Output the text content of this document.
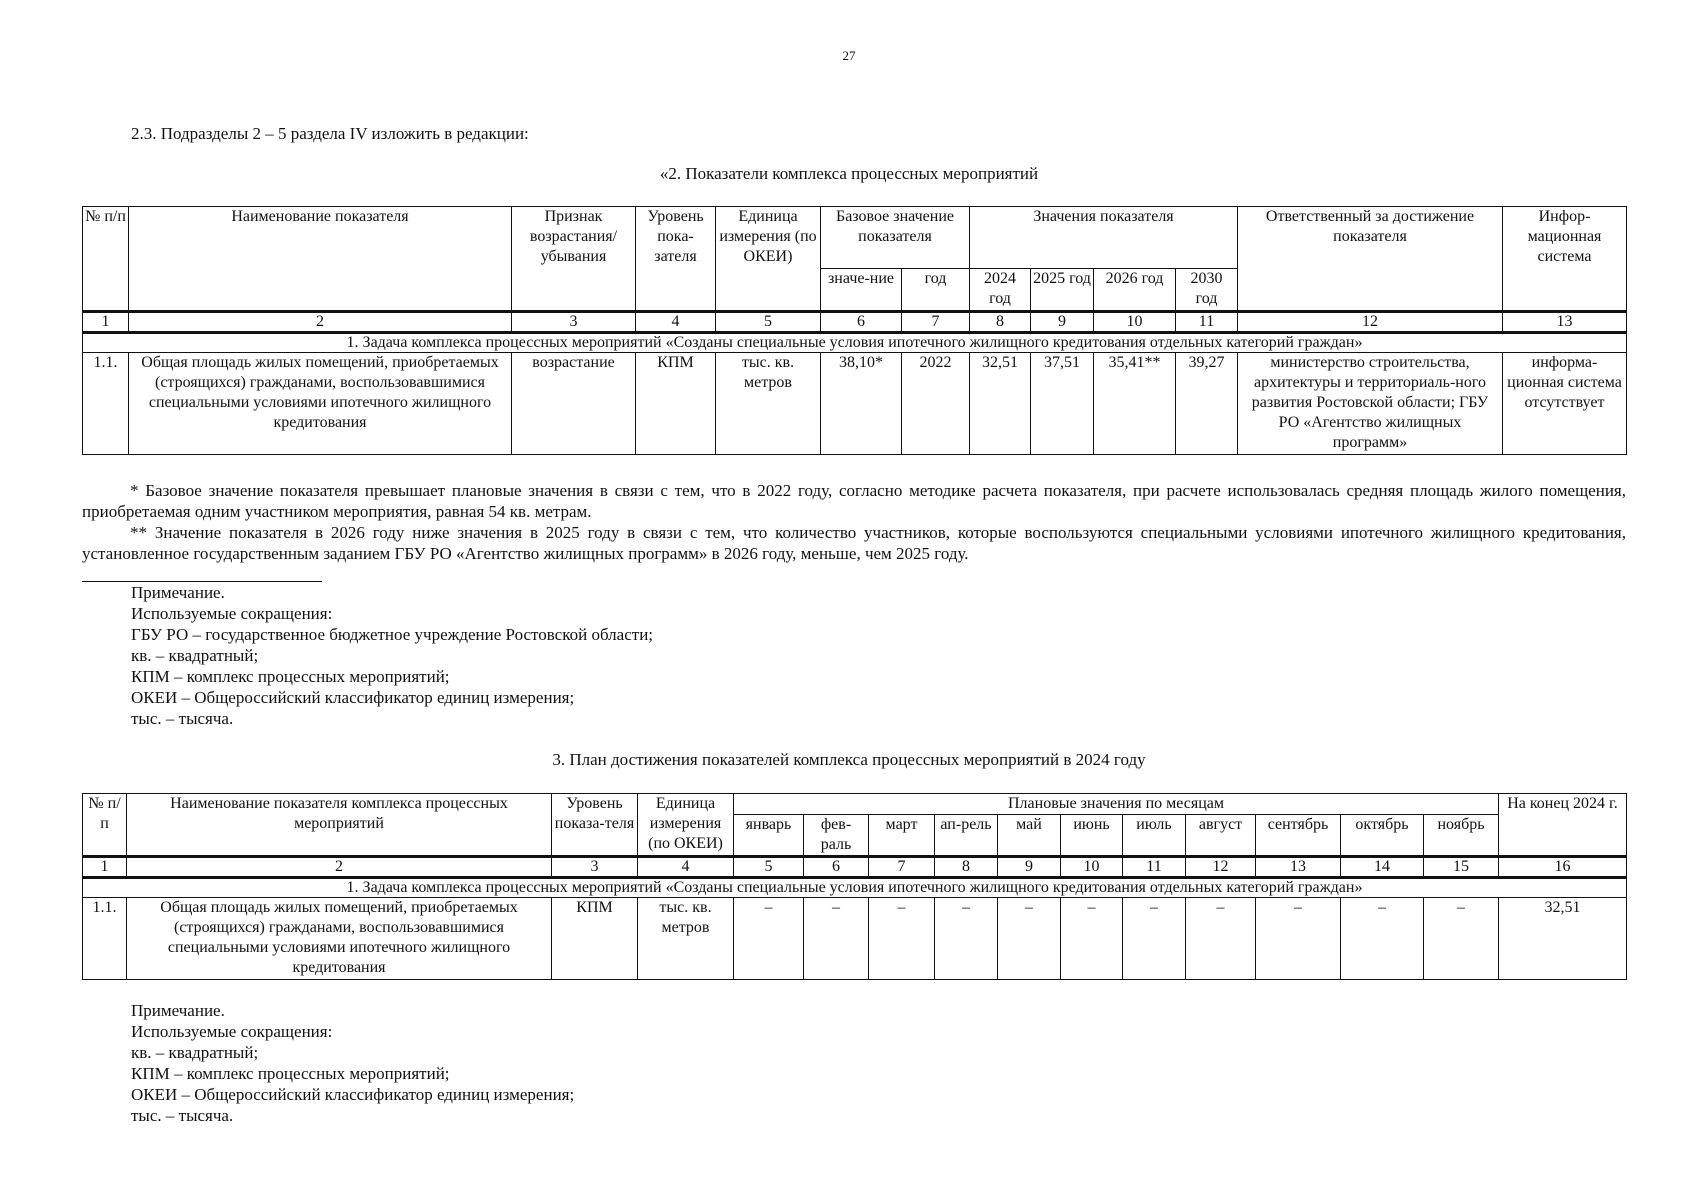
27
2.3. Подразделы 2 – 5 раздела IV изложить в редакции:
«2. Показатели комплекса процессных мероприятий
№ п/п	Наименование показателя	Признак возрастания/ убывания	Уровень пока-зателя	Единица измерения (по ОКЕИ)	Базовое значение показателя		Значения показателя				Ответственный за достижение показателя	Инфор-мационная система
					значе-ние	год	2024 год	2025 год	2026 год	2030 год		
1	2	3	4	5	6	7	8	9	10	11	12	13
1. Задача комплекса процессных мероприятий «Созданы специальные условия ипотечного жилищного кредитования отдельных категорий граждан»												
1.1.	Общая площадь жилых помещений, приобретаемых (строящихся) гражданами, воспользовавшимися специальными условиями ипотечного жилищного кредитования	возрастание	КПМ	тыс. кв. метров	38,10*	2022	32,51	37,51	35,41**	39,27	министерство строительства, архитектуры и территориаль-ного развития Ростовской области; ГБУ РО «Агентство жилищных программ»	информа-ционная система отсутствует

* Базовое значение показателя превышает плановые значения в связи с тем, что в 2022 году, согласно методике расчета показателя, при расчете использовалась средняя площадь жилого помещения, приобретаемая одним участником мероприятия, равная 54 кв. метрам.

** Значение показателя в 2026 году ниже значения в 2025 году в связи с тем, что количество участников, которые воспользуются специальными условиями ипотечного жилищного кредитования, установленное государственным заданием ГБУ РО «Агентство жилищных программ» в 2026 году, меньше, чем 2025 году.

Примечание.
Используемые сокращения:
ГБУ РО – государственное бюджетное учреждение Ростовской области;
кв. – квадратный;
КПМ – комплекс процессных мероприятий;
ОКЕИ – Общероссийский классификатор единиц измерения;
тыс. – тысяча.
3. План достижения показателей комплекса процессных мероприятий в 2024 году
№ п/п	Наименование показателя комплекса процессных мероприятий	Уровень показа-теля	Единица измерения (по ОКЕИ)	Плановые значения по месяцам											На конец 2024 г.
				январь	фев-раль	март	ап-рель	май	июнь	июль	август	сентябрь	октябрь	ноябрь	
1	2	3	4	5	6	7	8	9	10	11	12	13	14	15	16
1. Задача комплекса процессных мероприятий «Созданы специальные условия ипотечного жилищного кредитования отдельных категорий граждан»															
1.1.	Общая площадь жилых помещений, приобретаемых (строящихся) гражданами, воспользовавшимися специальными условиями ипотечного жилищного кредитования	КПМ	тыс. кв. метров	–	–	–	–	–	–	–	–	–	–	–	32,51
Примечание.
Используемые сокращения:
кв. – квадратный;
КПМ – комплекс процессных мероприятий;
ОКЕИ – Общероссийский классификатор единиц измерения;
тыс. – тысяча.
